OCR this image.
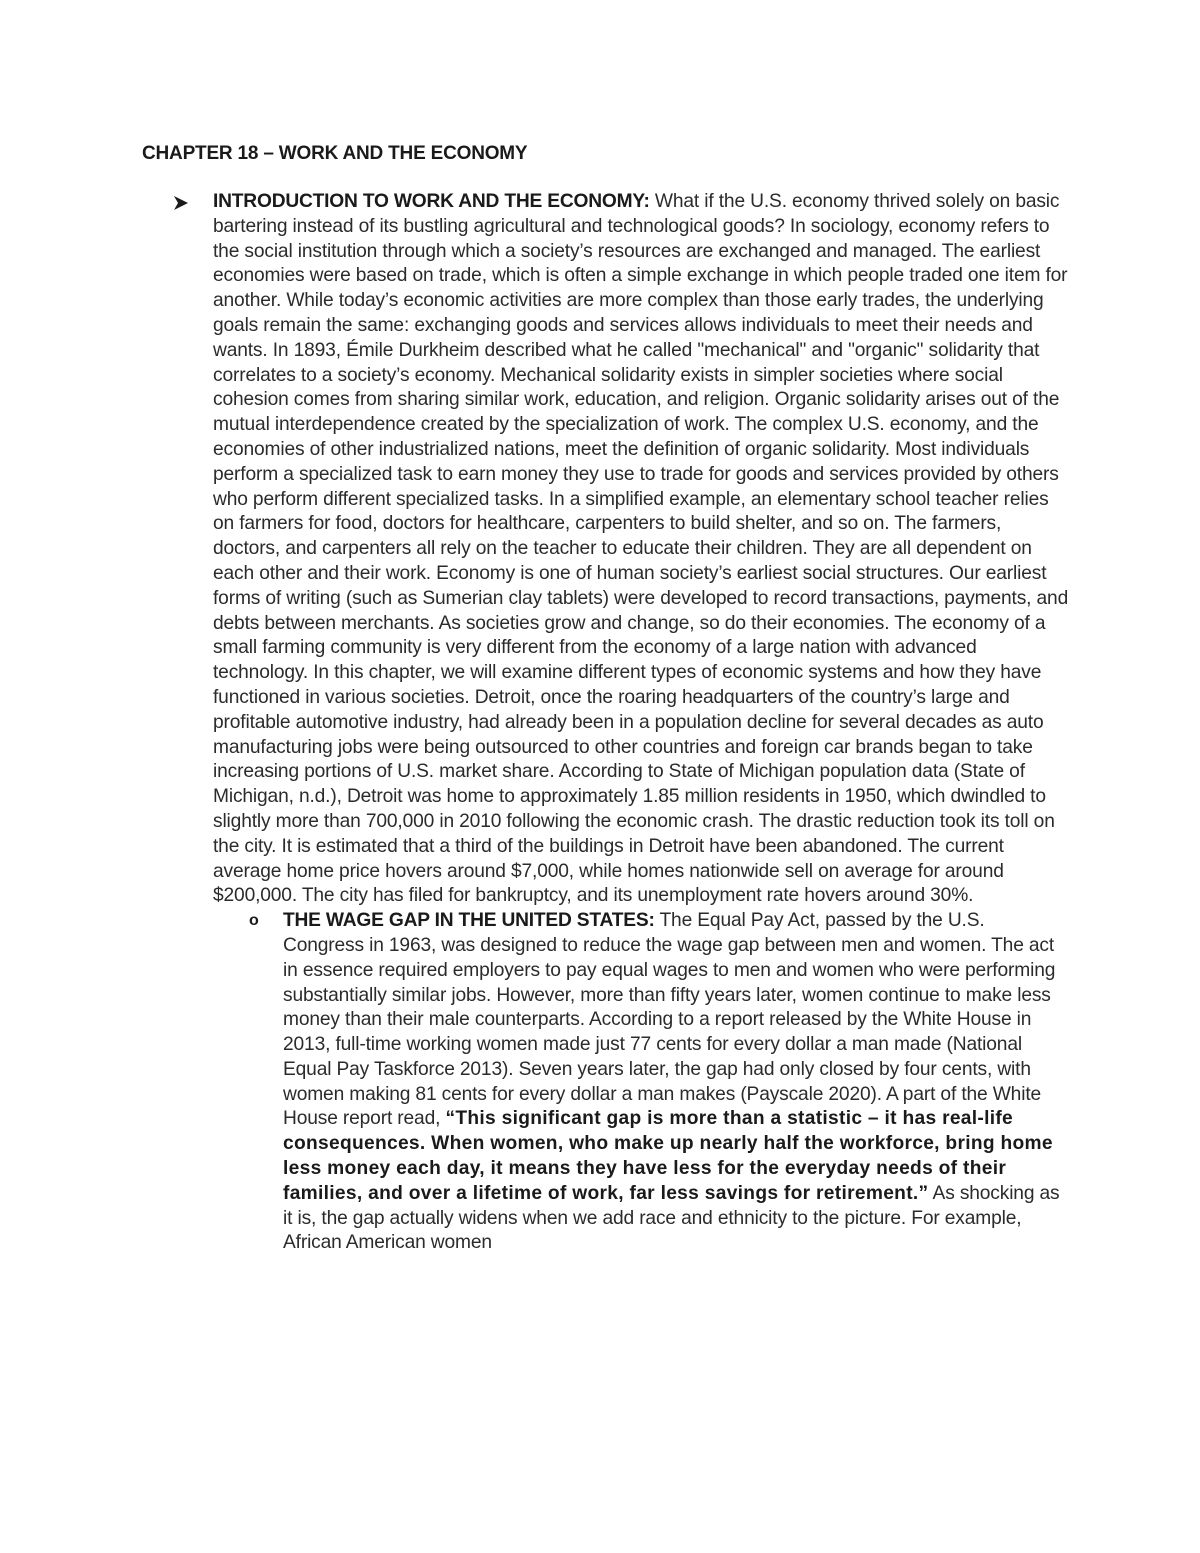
CHAPTER 18 – WORK AND THE ECONOMY

INTRODUCTION TO WORK AND THE ECONOMY: What if the U.S. economy thrived solely on basic bartering instead of its bustling agricultural and technological goods? In sociology, economy refers to the social institution through which a society’s resources are exchanged and managed. The earliest economies were based on trade, which is often a simple exchange in which people traded one item for another. While today’s economic activities are more complex than those early trades, the underlying goals remain the same: exchanging goods and services allows individuals to meet their needs and wants. In 1893, Émile Durkheim described what he called "mechanical" and "organic" solidarity that correlates to a society’s economy. Mechanical solidarity exists in simpler societies where social cohesion comes from sharing similar work, education, and religion. Organic solidarity arises out of the mutual interdependence created by the specialization of work. The complex U.S. economy, and the economies of other industrialized nations, meet the definition of organic solidarity. Most individuals perform a specialized task to earn money they use to trade for goods and services provided by others who perform different specialized tasks. In a simplified example, an elementary school teacher relies on farmers for food, doctors for healthcare, carpenters to build shelter, and so on. The farmers, doctors, and carpenters all rely on the teacher to educate their children. They are all dependent on each other and their work. Economy is one of human society’s earliest social structures. Our earliest forms of writing (such as Sumerian clay tablets) were developed to record transactions, payments, and debts between merchants. As societies grow and change, so do their economies. The economy of a small farming community is very different from the economy of a large nation with advanced technology. In this chapter, we will examine different types of economic systems and how they have functioned in various societies. Detroit, once the roaring headquarters of the country’s large and profitable automotive industry, had already been in a population decline for several decades as auto manufacturing jobs were being outsourced to other countries and foreign car brands began to take increasing portions of U.S. market share. According to State of Michigan population data (State of Michigan, n.d.), Detroit was home to approximately 1.85 million residents in 1950, which dwindled to slightly more than 700,000 in 2010 following the economic crash. The drastic reduction took its toll on the city. It is estimated that a third of the buildings in Detroit have been abandoned. The current average home price hovers around $7,000, while homes nationwide sell on average for around $200,000. The city has filed for bankruptcy, and its unemployment rate hovers around 30%.

o THE WAGE GAP IN THE UNITED STATES: The Equal Pay Act, passed by the U.S. Congress in 1963, was designed to reduce the wage gap between men and women. The act in essence required employers to pay equal wages to men and women who were performing substantially similar jobs. However, more than fifty years later, women continue to make less money than their male counterparts. According to a report released by the White House in 2013, full-time working women made just 77 cents for every dollar a man made (National Equal Pay Taskforce 2013). Seven years later, the gap had only closed by four cents, with women making 81 cents for every dollar a man makes (Payscale 2020). A part of the White House report read, “This significant gap is more than a statistic – it has real-life consequences. When women, who make up nearly half the workforce, bring home less money each day, it means they have less for the everyday needs of their families, and over a lifetime of work, far less savings for retirement.” As shocking as it is, the gap actually widens when we add race and ethnicity to the picture. For example, African American women
